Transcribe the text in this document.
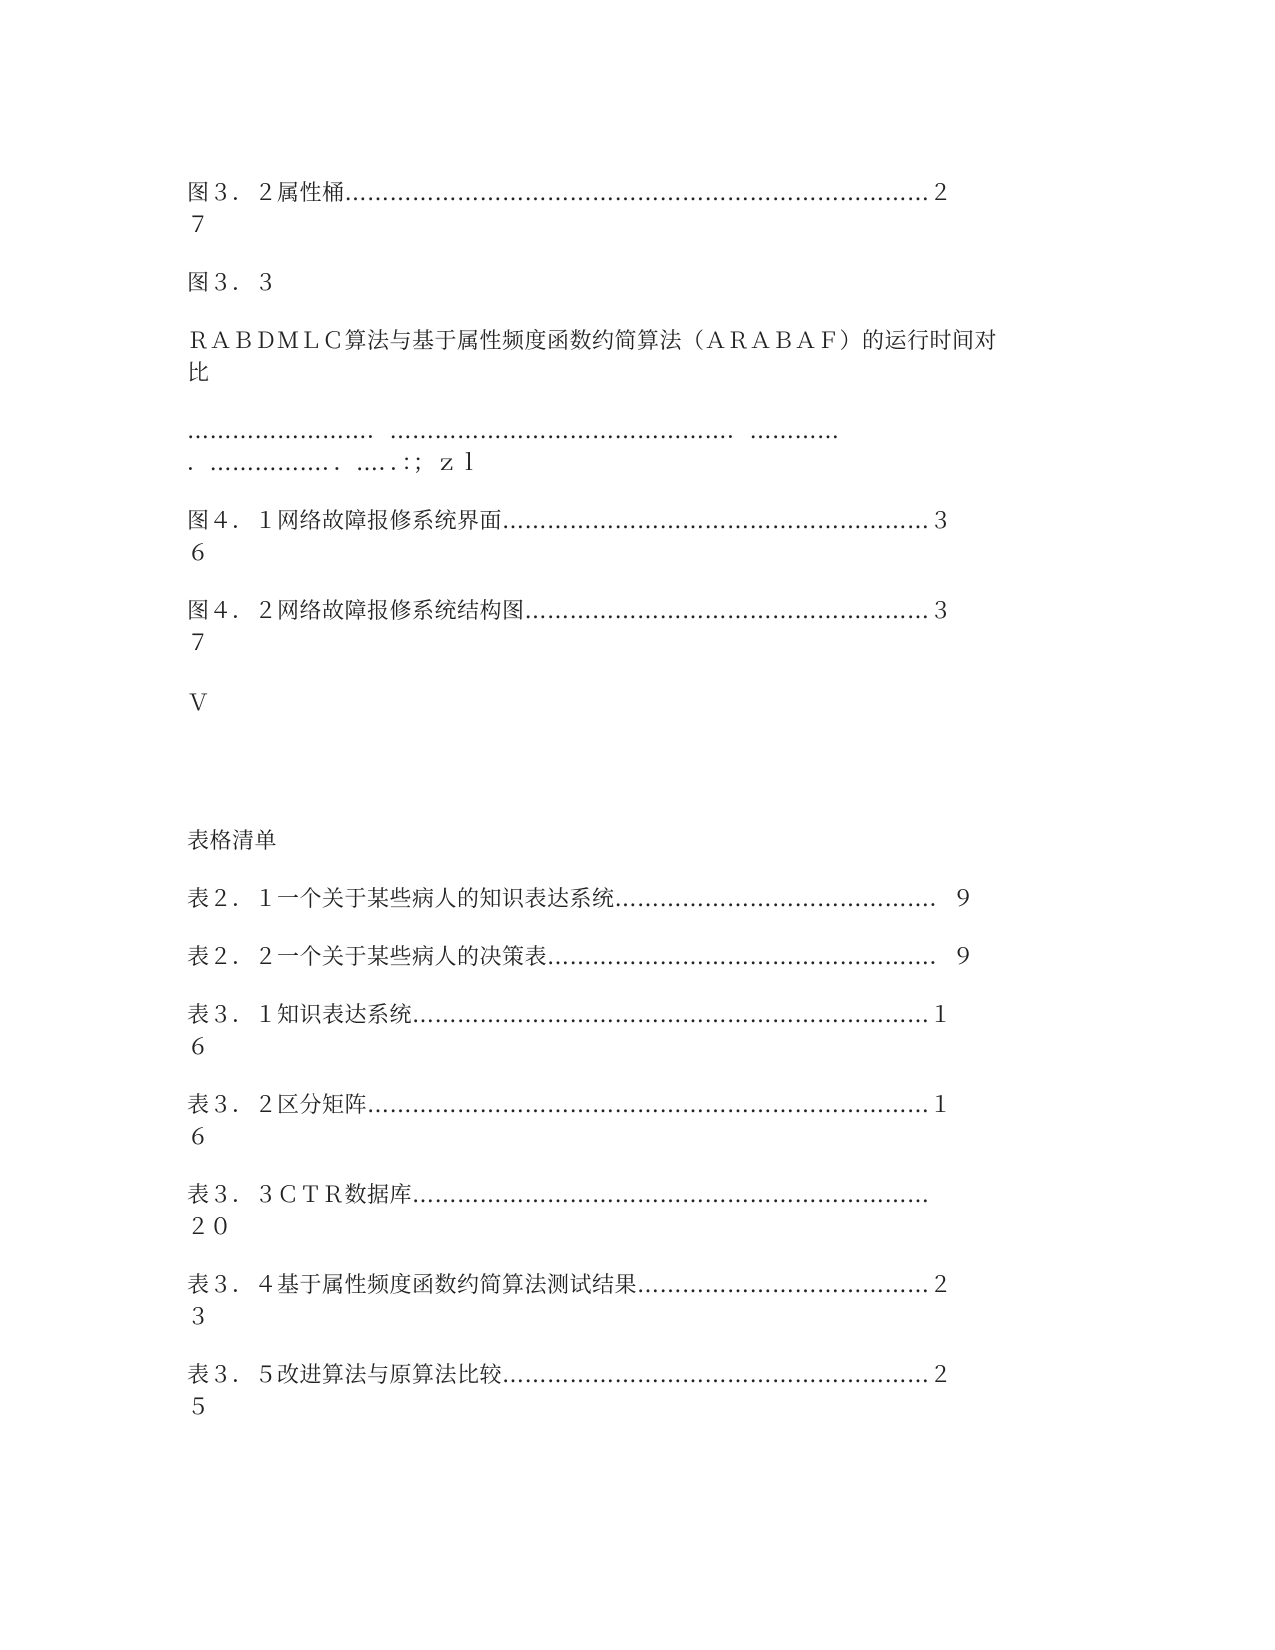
图３．２属性桶……………………………………………………………………２

７

图３．３

ＲＡＢＤＭＬＣ算法与基于属性频度函数约简算法（ＡＲＡＢＡＦ）的运行时间对

比

……………………．………………………………………．…………

．……………．．…．．：；ｚｌ

图４．１网络故障报修系统界面…………………………………………………３

６

图４．２网络故障报修系统结构图………………………………………………３

７

Ｖ

表格清单

表２．１一个关于某些病人的知识表达系统……………………………………．９

表２．２一个关于某些病人的决策表……………………………………………．９

表３．１知识表达系统……………………………………………………………１

６

表３．２区分矩阵…………………………………………………………………１

６

表３．３ＣＴＲ数据库……………………………………………………………

２０

表３．４基于属性频度函数约简算法测试结果…………………………………２

３

表３．５改进算法与原算法比较…………………………………………………２

５
